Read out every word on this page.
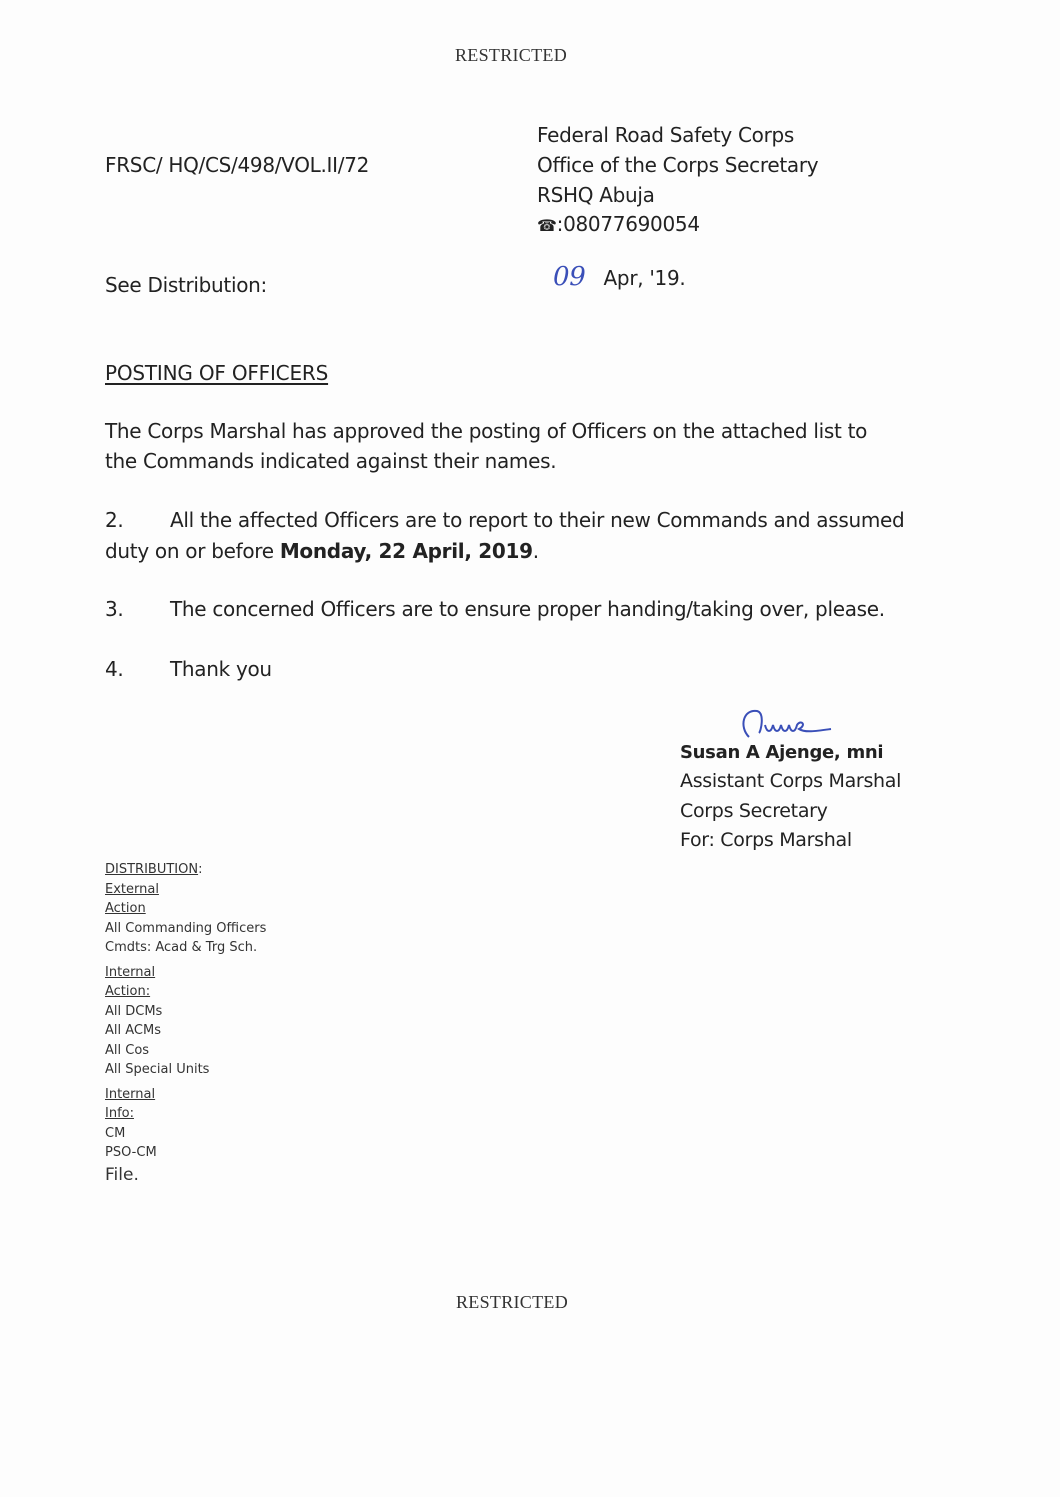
RESTRICTED
FRSC/ HQ/CS/498/VOL.II/72
Federal Road Safety Corps
Office of the Corps Secretary
RSHQ Abuja
☎:08077690054
See Distribution:	09 Apr, '19.
POSTING OF OFFICERS
The Corps Marshal has approved the posting of Officers on the attached list to
the Commands indicated against their names.
2. All the affected Officers are to report to their new Commands and assumed
duty on or before Monday, 22 April, 2019.
3. The concerned Officers are to ensure proper handing/taking over, please.
4. Thank you
Susan A Ajenge, mni
Assistant Corps Marshal
Corps Secretary
For: Corps Marshal
DISTRIBUTION:
External
Action
All Commanding Officers
Cmdts: Acad & Trg Sch.
Internal
Action:
All DCMs
All ACMs
All Cos
All Special Units
Internal
Info:
CM
PSO-CM
File.
RESTRICTED
